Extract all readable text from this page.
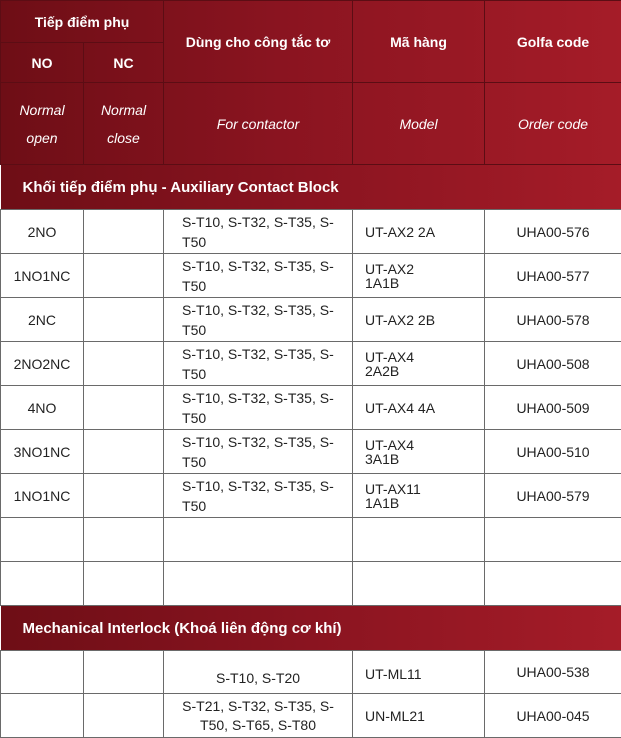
Tiếp điểm phụ		Dùng cho công tắc tơ	Mã hàng	Golfa code
NO	NC			
Normal open	Normal close	For contactor	Model	Order code
Khối tiếp điểm phụ - Auxiliary Contact Block				
2NO		S-T10, S-T32, S-T35, S-T50	UT-AX2 2A	UHA00-576
1NO1NC		S-T10, S-T32, S-T35, S-T50	UT-AX2 1A1B	UHA00-577
2NC		S-T10, S-T32, S-T35, S-T50	UT-AX2 2B	UHA00-578
2NO2NC		S-T10, S-T32, S-T35, S-T50	UT-AX4 2A2B	UHA00-508
4NO		S-T10, S-T32, S-T35, S-T50	UT-AX4 4A	UHA00-509
3NO1NC		S-T10, S-T32, S-T35, S-T50	UT-AX4 3A1B	UHA00-510
1NO1NC		S-T10, S-T32, S-T35, S-T50	UT-AX11 1A1B	UHA00-579

Mechanical Interlock (Khoá liên động cơ khí)				
		S-T10, S-T20	UT-ML11	UHA00-538
		S-T21, S-T32, S-T35, S-T50, S-T65, S-T80	UN-ML21	UHA00-045
